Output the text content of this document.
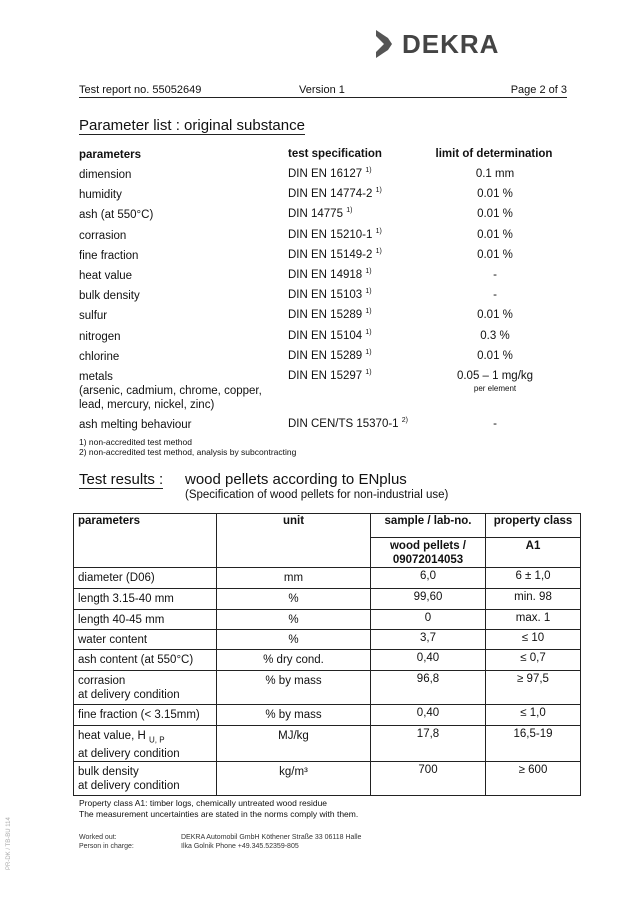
DEKRA
Test report no. 55052649	Version 1	Page 2 of 3
Parameter list : original substance
parameters	test specification	limit of determination
dimension	DIN EN 16127 $^{1)}$	0.1 mm
humidity	DIN EN 14774-2 $^{1)}$	0.01 %
ash (at 550°C)	DIN 14775 $^{1)}$	0.01 %
corrasion	DIN EN 15210-1 $^{1)}$	0.01 %
fine fraction	DIN EN 15149-2 $^{1)}$	0.01 %
heat value	DIN EN 14918 $^{1)}$	-
bulk density	DIN EN 15103 $^{1)}$	-
sulfur	DIN EN 15289 $^{1)}$	0.01 %
nitrogen	DIN EN 15104 $^{1)}$	0.3 %
chlorine	DIN EN 15289 $^{1)}$	0.01 %
metals
(arsenic, cadmium, chrome, copper, lead, mercury, nickel, zinc)
DIN EN 15297 $^{1)}$	0.05 – 1 mg/kg
per element
ash melting behaviour	DIN CEN/TS 15370-1 $^{2)}$	-
1) non-accredited test method
2) non-accredited test method, analysis by subcontracting
Test results : wood pellets according to ENplus
(Specification of wood pellets for non-industrial use)
parameters	unit	sample / lab-no.	property class
		wood pellets / 09072014053	A1
diameter (D06)	mm	6,0	6 ± 1,0
length 3.15-40 mm	%	99,60	min. 98
length 40-45 mm	%	0	max. 1
water content	%	3,7	≤ 10
ash content (at 550°C)	% dry cond.	0,40	≤ 0,7
corrasion
at delivery condition	% by mass	96,8	≥ 97,5
fine fraction (< 3.15mm)	% by mass	0,40	≤ 1,0
heat value, H $_{U, P}$
at delivery condition	MJ/kg	17,8	16,5-19
bulk density
at delivery condition	kg/m³	700	≥ 600
Property class A1: timber logs, chemically untreated wood residue
The measurement uncertainties are stated in the norms comply with them.
Worked out:
Person in charge:
DEKRA Automobil GmbH Köthener Straße 33 06118 Halle
Ilka Golnik Phone +49.345.52359-805
PR-DK / TB-BU 114
